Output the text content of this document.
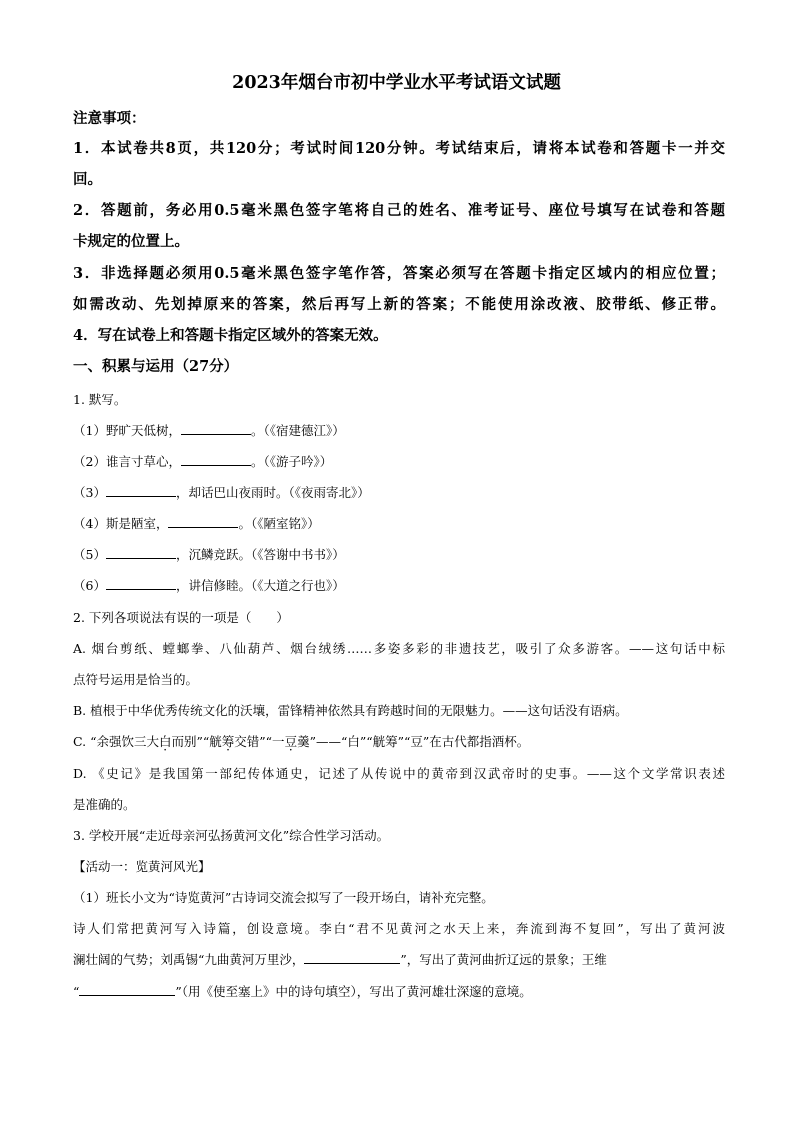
2023年烟台市初中学业水平考试语文试题
注意事项：
1．本试卷共8页，共120分；考试时间120分钟。考试结束后，请将本试卷和答题卡一并交
回。
2．答题前，务必用0.5毫米黑色签字笔将自己的姓名、准考证号、座位号填写在试卷和答题
卡规定的位置上。
3．非选择题必须用0.5毫米黑色签字笔作答，答案必须写在答题卡指定区域内的相应位置；
如需改动、先划掉原来的答案，然后再写上新的答案；不能使用涂改液、胶带纸、修正带。
4．写在试卷上和答题卡指定区域外的答案无效。
一、积累与运用（27分）
1. 默写。
（1）野旷天低树，	。（《宿建德江》）
（2）谁言寸草心，	。（《游子吟》）
（3）	，却话巴山夜雨时。（《夜雨寄北》）
（4）斯是陋室，	。（《陋室铭》）
（5）	，沉鳞竞跃。（《答谢中书书》）
（6）	，讲信修睦。（《大道之行也》）
2. 下列各项说法有误的一项是（　　）
A. 烟台剪纸、螳螂拳、八仙葫芦、烟台绒绣……多姿多彩的非遗技艺，吸引了众多游客。——这句话中标
点符号运用是恰当的。
B. 植根于中华优秀传统文化的沃壤，雷锋精神依然具有跨越时间的无限魅力。——这句话没有语病。
C. “余强饮三大白而别”“觥筹交错”“一豆羹”——“白”“觥筹”“豆”在古代都指酒杯。
D. 《史记》是我国第一部纪传体通史，记述了从传说中的黄帝到汉武帝时的史事。——这个文学常识表述
是准确的。
3. 学校开展“走近母亲河弘扬黄河文化”综合性学习活动。
【活动一：览黄河风光】
（1）班长小文为“诗览黄河”古诗词交流会拟写了一段开场白，请补充完整。
诗人们常把黄河写入诗篇，创设意境。李白“君不见黄河之水天上来，奔流到海不复回”，写出了黄河波
澜壮阔的气势；刘禹锡“九曲黄河万里沙，	”，写出了黄河曲折辽远的景象；王维
“	”（用《使至塞上》中的诗句填空），写出了黄河雄壮深邃的意境。
